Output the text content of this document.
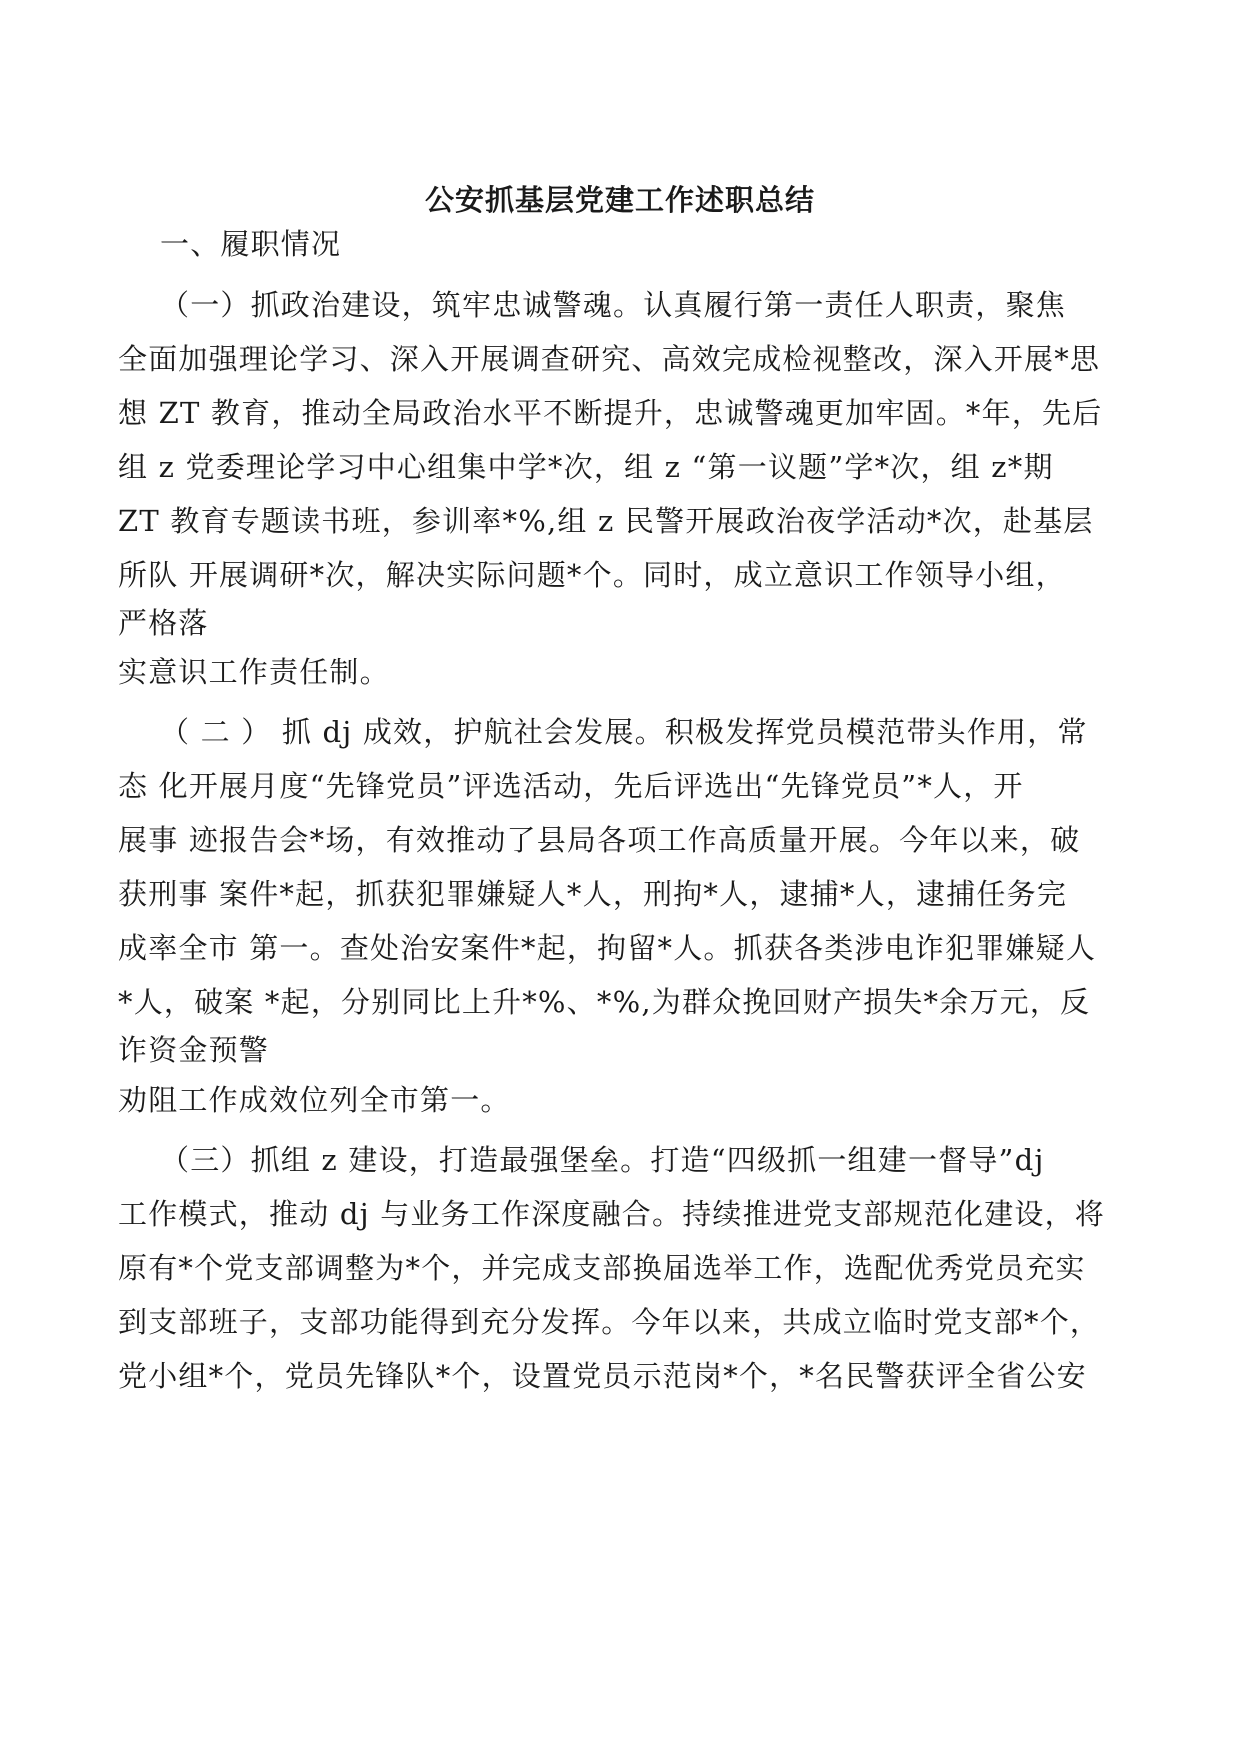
公安抓基层党建工作述职总结
一、履职情况
（一）抓政治建设，筑牢忠诚警魂。认真履行第一责任人职责，聚焦
全面加强理论学习、深入开展调查研究、高效完成检视整改，深入开展*思
想 ZT 教育，推动全局政治水平不断提升，忠诚警魂更加牢固。*年，先后
组 z 党委理论学习中心组集中学*次，组 z “第一议题”学*次，组 z*期
ZT 教育专题读书班，参训率*%,组 z 民警开展政治夜学活动*次，赴基层
所队 开展调研*次，解决实际问题*个。同时，成立意识工作领导小组，
严格落
实意识工作责任制。
（ 二 ） 抓 dj 成效，护航社会发展。积极发挥党员模范带头作用，常
态 化开展月度“先锋党员”评选活动，先后评选出“先锋党员”*人，开
展事 迹报告会*场，有效推动了县局各项工作高质量开展。今年以来，破
获刑事 案件*起，抓获犯罪嫌疑人*人，刑拘*人，逮捕*人，逮捕任务完
成率全市 第一。查处治安案件*起，拘留*人。抓获各类涉电诈犯罪嫌疑人
*人，破案 *起，分别同比上升*%、*%,为群众挽回财产损失*余万元，反
诈资金预警
劝阻工作成效位列全市第一。
（三）抓组 z 建设，打造最强堡垒。打造“四级抓一组建一督导”dj
工作模式，推动 dj 与业务工作深度融合。持续推进党支部规范化建设，将
原有*个党支部调整为*个，并完成支部换届选举工作，选配优秀党员充实
到支部班子，支部功能得到充分发挥。今年以来，共成立临时党支部*个，
党小组*个，党员先锋队*个，设置党员示范岗*个，*名民警获评全省公安
